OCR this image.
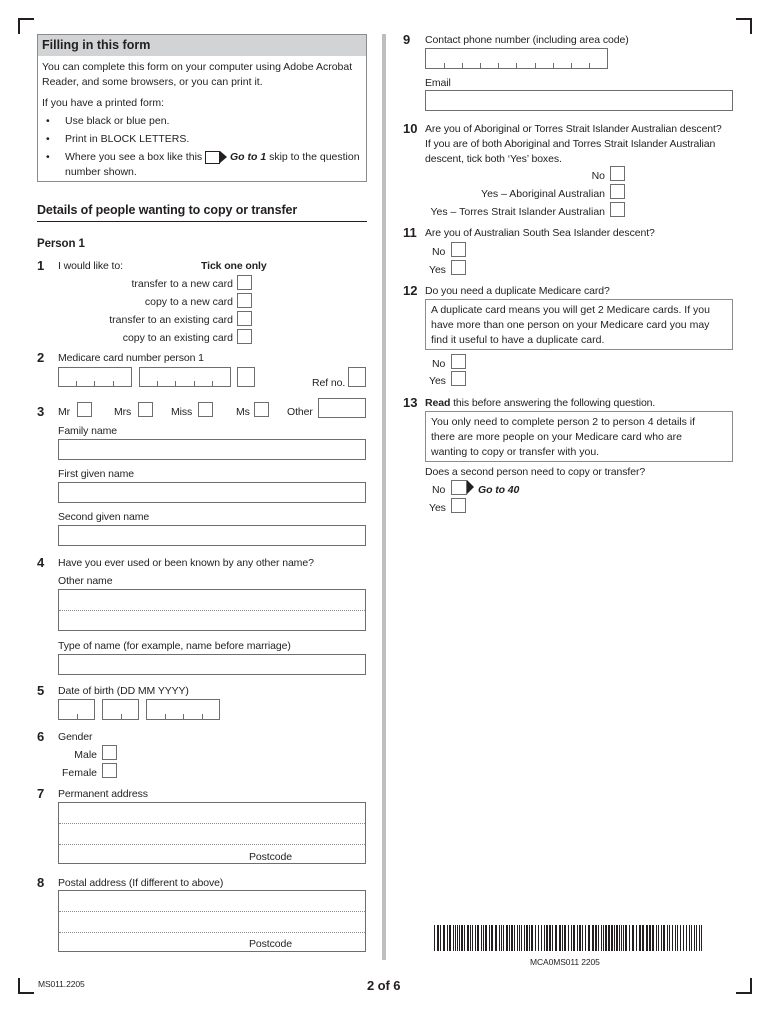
Filling in this form
You can complete this form on your computer using Adobe Acrobat
Reader, and some browsers, or you can print it.
If you have a printed form:
• Use black or blue pen.
• Print in BLOCK LETTERS.
• Where you see a box like this	Go to 1 skip to the question
number shown.
Details of people wanting to copy or transfer
Person 1
1 I would like to:	Tick one only
transfer to a new card
copy to a new card
transfer to an existing card
copy to an existing card
2 Medicare card number person 1
Ref no.
3 Mr	Mrs	Miss	Ms	Other
Family name
First given name
Second given name
4 Have you ever used or been known by any other name?
Other name
Type of name (for example, name before marriage)
5 Date of birth (DD MM YYYY)
6 Gender
Male
Female
7 Permanent address
Postcode
8 Postal address (If different to above)
Postcode
9 Contact phone number (including area code)
Email
10 Are you of Aboriginal or Torres Strait Islander Australian descent?
If you are of both Aboriginal and Torres Strait Islander Australian
descent, tick both ‘Yes’ boxes.
No
Yes – Aboriginal Australian
Yes – Torres Strait Islander Australian
11 Are you of Australian South Sea Islander descent?
No
Yes
12 Do you need a duplicate Medicare card?
A duplicate card means you will get 2 Medicare cards. If you
have more than one person on your Medicare card you may
find it useful to have a duplicate card.
No
Yes
13 Read this before answering the following question.
You only need to complete person 2 to person 4 details if
there are more people on your Medicare card who are
wanting to copy or transfer with you.
Does a second person need to copy or transfer?
No	Go to 40
Yes
MCA0MS011 2205
MS011.2205	2 of 6
